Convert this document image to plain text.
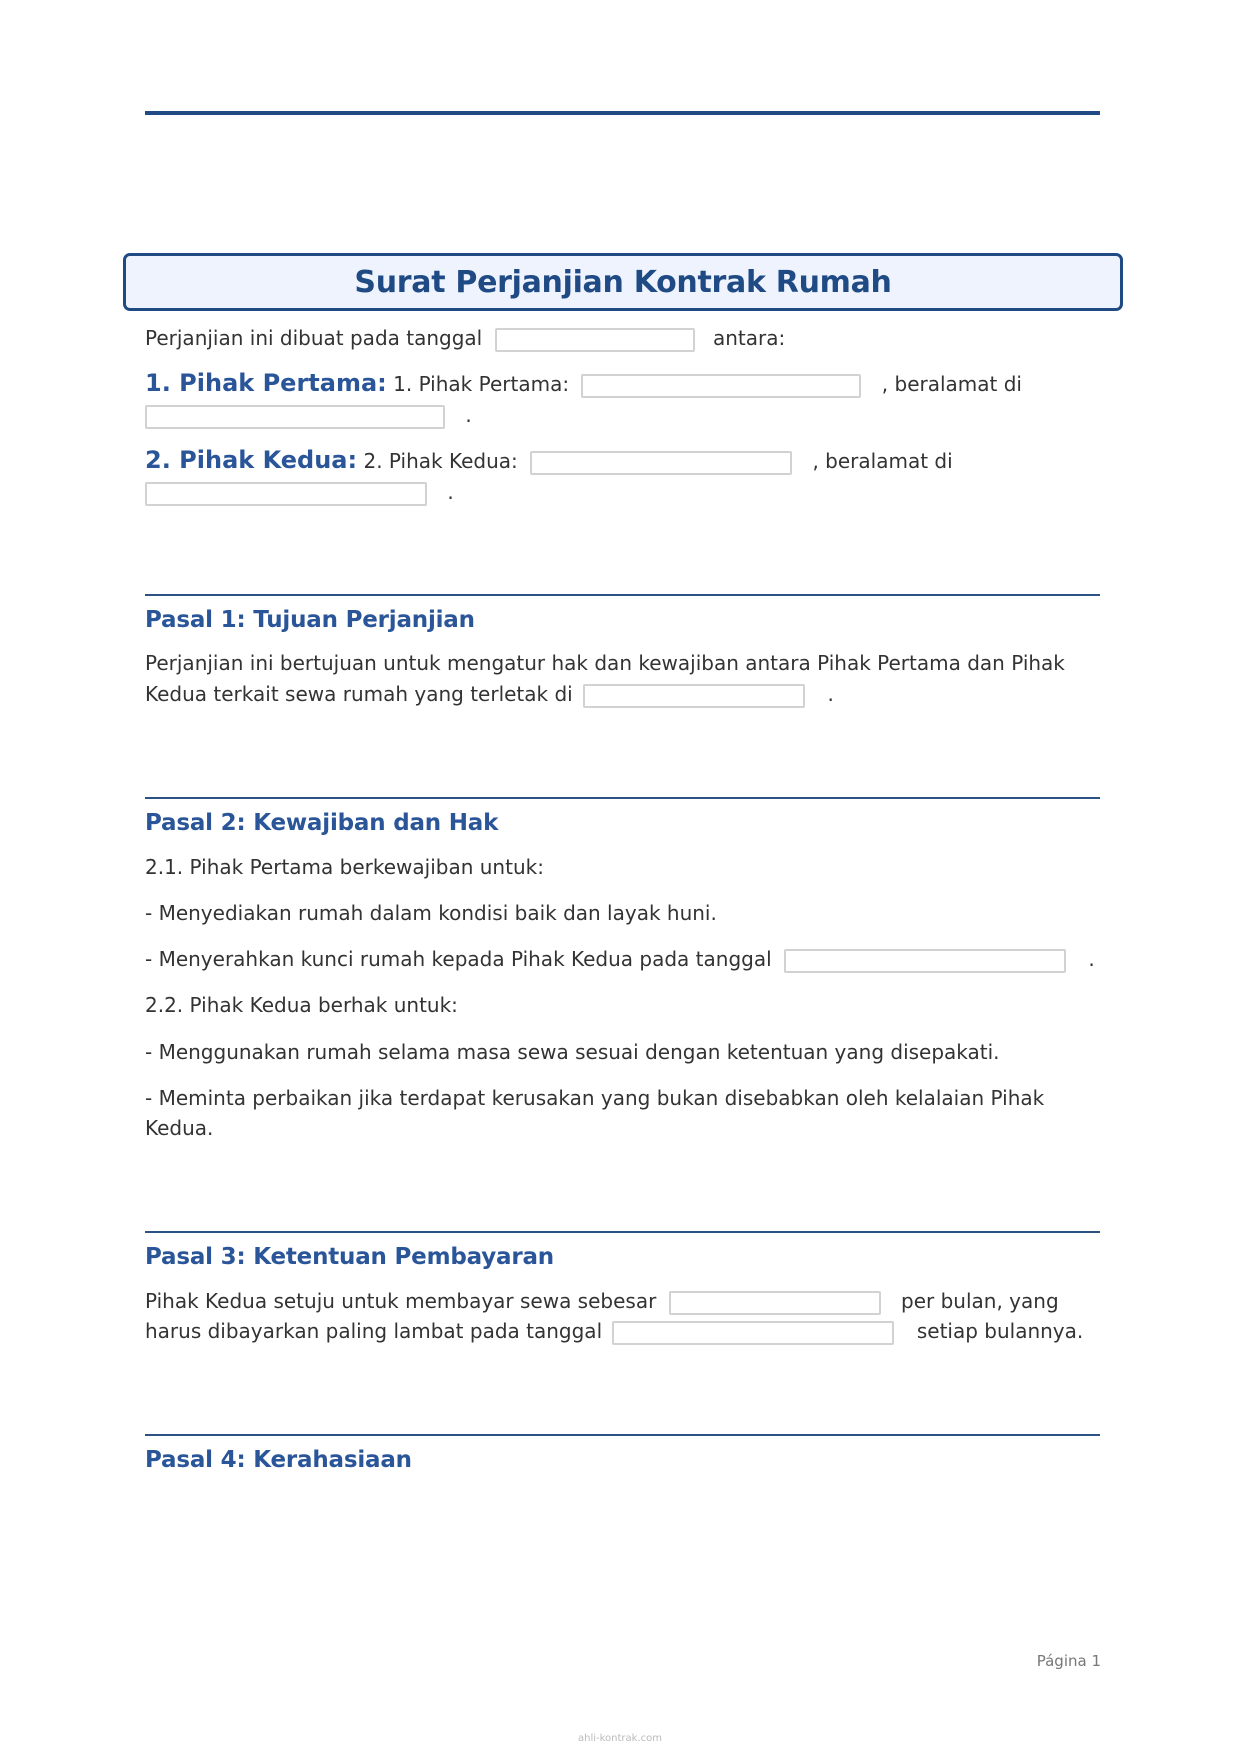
Surat Perjanjian Kontrak Rumah
Perjanjian ini dibuat pada tanggal	antara:
1. Pihak Pertama: 1. Pihak Pertama:	, beralamat di
.
2. Pihak Kedua: 2. Pihak Kedua:	, beralamat di
.
Pasal 1: Tujuan Perjanjian
Perjanjian ini bertujuan untuk mengatur hak dan kewajiban antara Pihak Pertama dan Pihak
Kedua terkait sewa rumah yang terletak di	.
Pasal 2: Kewajiban dan Hak
2.1. Pihak Pertama berkewajiban untuk:
- Menyediakan rumah dalam kondisi baik dan layak huni.
- Menyerahkan kunci rumah kepada Pihak Kedua pada tanggal	.
2.2. Pihak Kedua berhak untuk:
- Menggunakan rumah selama masa sewa sesuai dengan ketentuan yang disepakati.
- Meminta perbaikan jika terdapat kerusakan yang bukan disebabkan oleh kelalaian Pihak
Kedua.
Pasal 3: Ketentuan Pembayaran
Pihak Kedua setuju untuk membayar sewa sebesar	per bulan, yang
harus dibayarkan paling lambat pada tanggal	setiap bulannya.
Pasal 4: Kerahasiaan
Página 1
ahli-kontrak.com
